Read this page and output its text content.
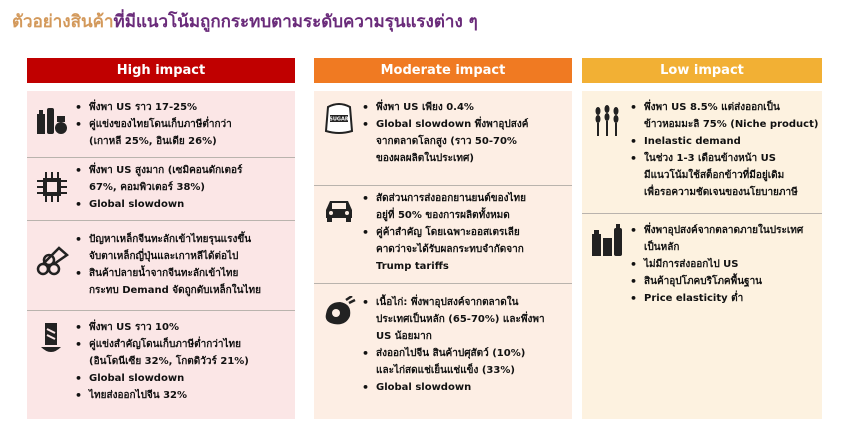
ตัวอย่างสินค้าที่มีแนวโน้มถูกกระทบตามระดับความรุนแรงต่าง ๆ
High impact
• พึ่งพา US ราว 17-25%
• คู่แข่งของไทยโดนเก็บภาษีต่ำกว่า
(เกาหลี 25%, อินเดีย 26%)
• พึ่งพา US สูงมาก (เซมิคอนดักเตอร์
67%, คอมพิวเตอร์ 38%)
• Global slowdown
• ปัญหาเหล็กจีนทะลักเข้าไทยรุนแรงขึ้น
จับตาเหล็กญี่ปุ่นและเกาหลีได้ต่อไป
• สินค้าปลายน้ำจากจีนทะลักเข้าไทย
กระทบ Demand จัดถูกดับเหล็กในไทย
• พึ่งพา US ราว 10%
• คู่แข่งสำคัญโดนเก็บภาษีต่ำกว่าไทย
(อินโดนีเซีย 32%, โกตดิวัวร์ 21%)
• Global slowdown
• ไทยส่งออกไปจีน 32%
Moderate impact
SUGAR
• พึ่งพา US เพียง 0.4%
• Global slowdown พึ่งพาอุปสงค์
จากตลาดโลกสูง (ราว 50-70%
ของผลผลิตในประเทศ)
• สัดส่วนการส่งออกยานยนต์ของไทย
อยู่ที่ 50% ของการผลิตทั้งหมด
• คู่ค้าสำคัญ โดยเฉพาะออสเตรเลีย
คาดว่าจะได้รับผลกระทบจำกัดจาก
Trump tariffs
• เนื้อไก่: พึ่งพาอุปสงค์จากตลาดใน
ประเทศเป็นหลัก (65-70%) และพึ่งพา
US น้อยมาก
• ส่งออกไปจีน สินค้าปศุสัตว์ (10%)
และไก่สดแช่เย็นแช่แข็ง (33%)
• Global slowdown
Low impact
• พึ่งพา US 8.5% แต่ส่งออกเป็น
ข้าวหอมมะลิ 75% (Niche product)
• Inelastic demand
• ในช่วง 1-3 เดือนข้างหน้า US
มีแนวโน้มใช้สต็อกข้าวที่มีอยู่เดิม
เพื่อรอความชัดเจนของนโยบายภาษี
• พึ่งพาอุปสงค์จากตลาดภายในประเทศ
เป็นหลัก
• ไม่มีการส่งออกไป US
• สินค้าอุปโภคบริโภคพื้นฐาน
• Price elasticity ต่ำ
